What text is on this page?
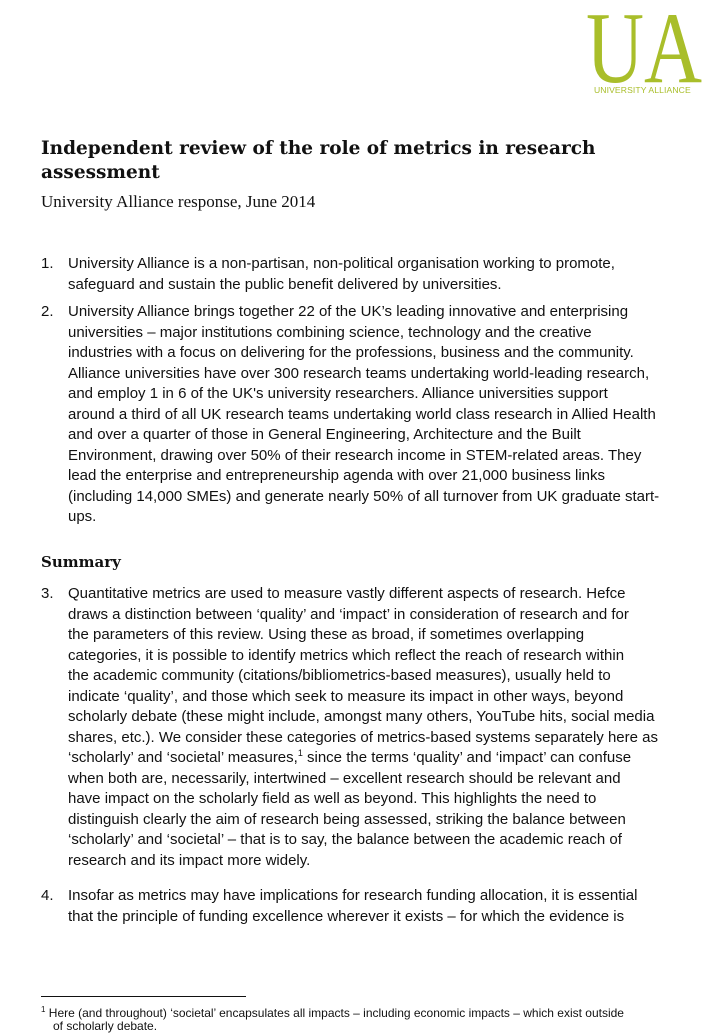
UA
UNIVERSITY ALLIANCE
Independent review of the role of metrics in research
assessment

University Alliance response, June 2014

1. University Alliance is a non-partisan, non-political organisation working to promote,
safeguard and sustain the public benefit delivered by universities.
2. University Alliance brings together 22 of the UK’s leading innovative and enterprising
universities – major institutions combining science, technology and the creative
industries with a focus on delivering for the professions, business and the community.
Alliance universities have over 300 research teams undertaking world-leading research,
and employ 1 in 6 of the UK's university researchers. Alliance universities support
around a third of all UK research teams undertaking world class research in Allied Health
and over a quarter of those in General Engineering, Architecture and the Built
Environment, drawing over 50% of their research income in STEM-related areas. They
lead the enterprise and entrepreneurship agenda with over 21,000 business links
(including 14,000 SMEs) and generate nearly 50% of all turnover from UK graduate start-
ups.
Summary
3. Quantitative metrics are used to measure vastly different aspects of research. Hefce
draws a distinction between ‘quality’ and ‘impact’ in consideration of research and for
the parameters of this review. Using these as broad, if sometimes overlapping
categories, it is possible to identify metrics which reflect the reach of research within
the academic community (citations/bibliometrics-based measures), usually held to
indicate ‘quality’, and those which seek to measure its impact in other ways, beyond
scholarly debate (these might include, amongst many others, YouTube hits, social media
shares, etc.). We consider these categories of metrics-based systems separately here as
‘scholarly’ and ‘societal’ measures,$^1$ since the terms ‘quality’ and ‘impact’ can confuse
when both are, necessarily, intertwined – excellent research should be relevant and
have impact on the scholarly field as well as beyond. This highlights the need to
distinguish clearly the aim of research being assessed, striking the balance between
‘scholarly’ and ‘societal’ – that is to say, the balance between the academic reach of
research and its impact more widely.
4. Insofar as metrics may have implications for research funding allocation, it is essential
that the principle of funding excellence wherever it exists – for which the evidence is

$^1$ Here (and throughout) ‘societal’ encapsulates all impacts – including economic impacts – which exist outside

of scholarly debate.
